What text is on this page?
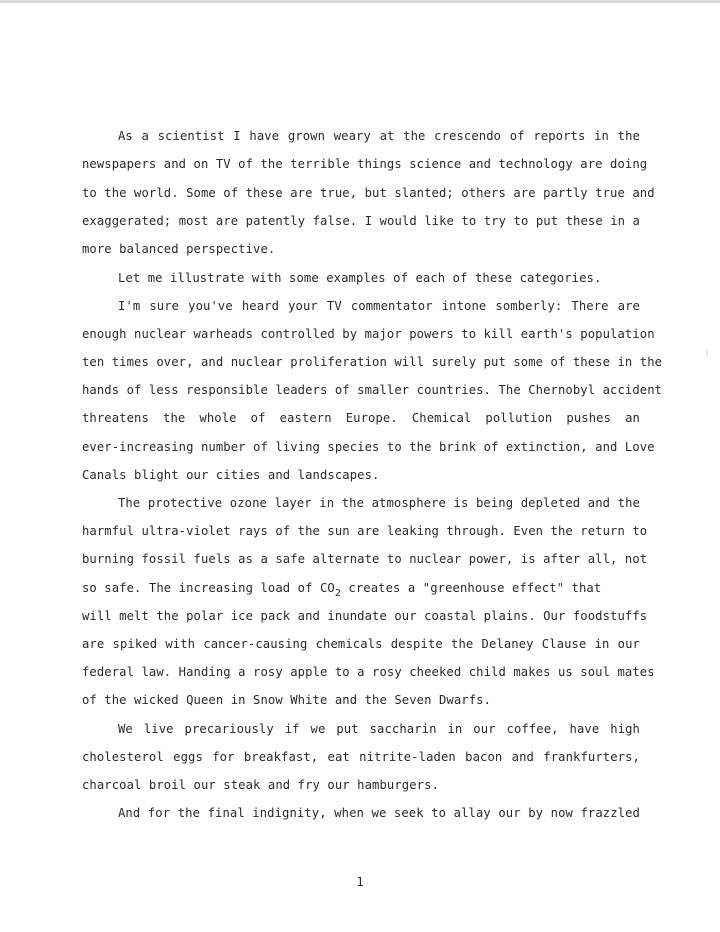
As a scientist I have grown weary at the crescendo of reports in the
newspapers and on TV of the terrible things science and technology are doing
to the world. Some of these are true, but slanted; others are partly true and
exaggerated; most are patently false. I would like to try to put these in a
more balanced perspective.
Let me illustrate with some examples of each of these categories.
I'm sure you've heard your TV commentator intone somberly: There are
enough nuclear warheads controlled by major powers to kill earth's population
ten times over, and nuclear proliferation will surely put some of these in the
hands of less responsible leaders of smaller countries. The Chernobyl accident
threatens the whole of eastern Europe. Chemical pollution pushes an
ever-increasing number of living species to the brink of extinction, and Love
Canals blight our cities and landscapes.
The protective ozone layer in the atmosphere is being depleted and the
harmful ultra-violet rays of the sun are leaking through. Even the return to
burning fossil fuels as a safe alternate to nuclear power, is after all, not
so safe. The increasing load of $CO_2$ creates a "greenhouse effect" that
will melt the polar ice pack and inundate our coastal plains. Our foodstuffs
are spiked with cancer-causing chemicals despite the Delaney Clause in our
federal law. Handing a rosy apple to a rosy cheeked child makes us soul mates
of the wicked Queen in Snow White and the Seven Dwarfs.
We live precariously if we put saccharin in our coffee, have high
cholesterol eggs for breakfast, eat nitrite-laden bacon and frankfurters,
charcoal broil our steak and fry our hamburgers.
And for the final indignity, when we seek to allay our by now frazzled
1
